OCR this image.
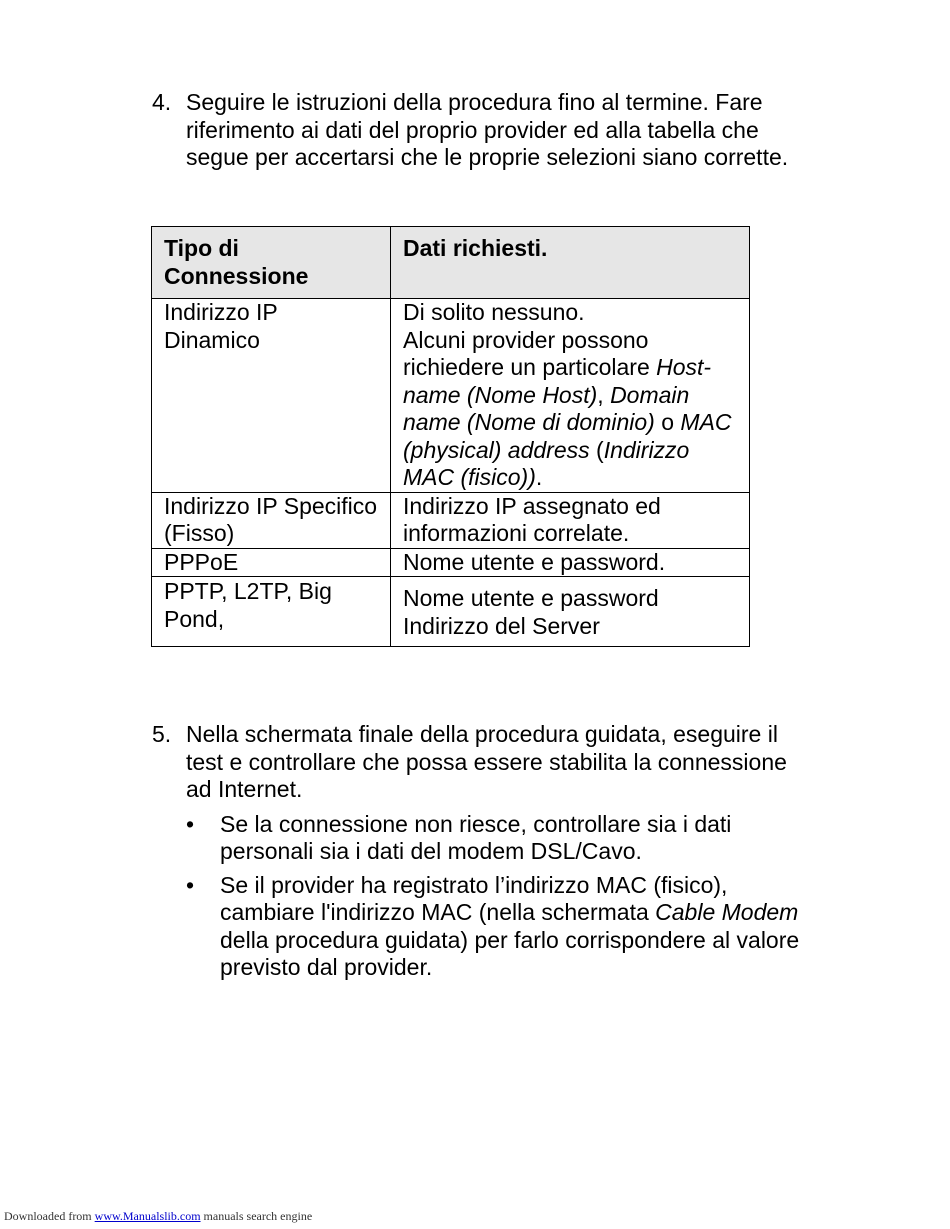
4. Seguire le istruzioni della procedura fino al termine. Fare riferimento ai dati del proprio provider ed alla tabella che segue per accertarsi che le proprie selezioni siano corrette.
Tipo di Connessione	Dati richiesti.
Indirizzo IP Dinamico	Di solito nessuno.
Alcuni provider possono richiedere un particolare Host-name (Nome Host), Domain name (Nome di dominio) o MAC (physical) address (Indirizzo MAC (fisico)).

Indirizzo IP Specifico (Fisso)	Indirizzo IP assegnato ed informazioni correlate.
PPPoE	Nome utente e password.
PPTP, L2TP, Big Pond,	Nome utente e password
Indirizzo del Server
5. Nella schermata finale della procedura guidata, eseguire il test e controllare che possa essere stabilita la connessione ad Internet.
• Se la connessione non riesce, controllare sia i dati personali sia i dati del modem DSL/Cavo.
• Se il provider ha registrato l’indirizzo MAC (fisico), cambiare l'indirizzo MAC (nella schermata Cable Modem della procedura guidata) per farlo corrispondere al valore previsto dal provider.
Downloaded from www.Manualslib.com manuals search engine
